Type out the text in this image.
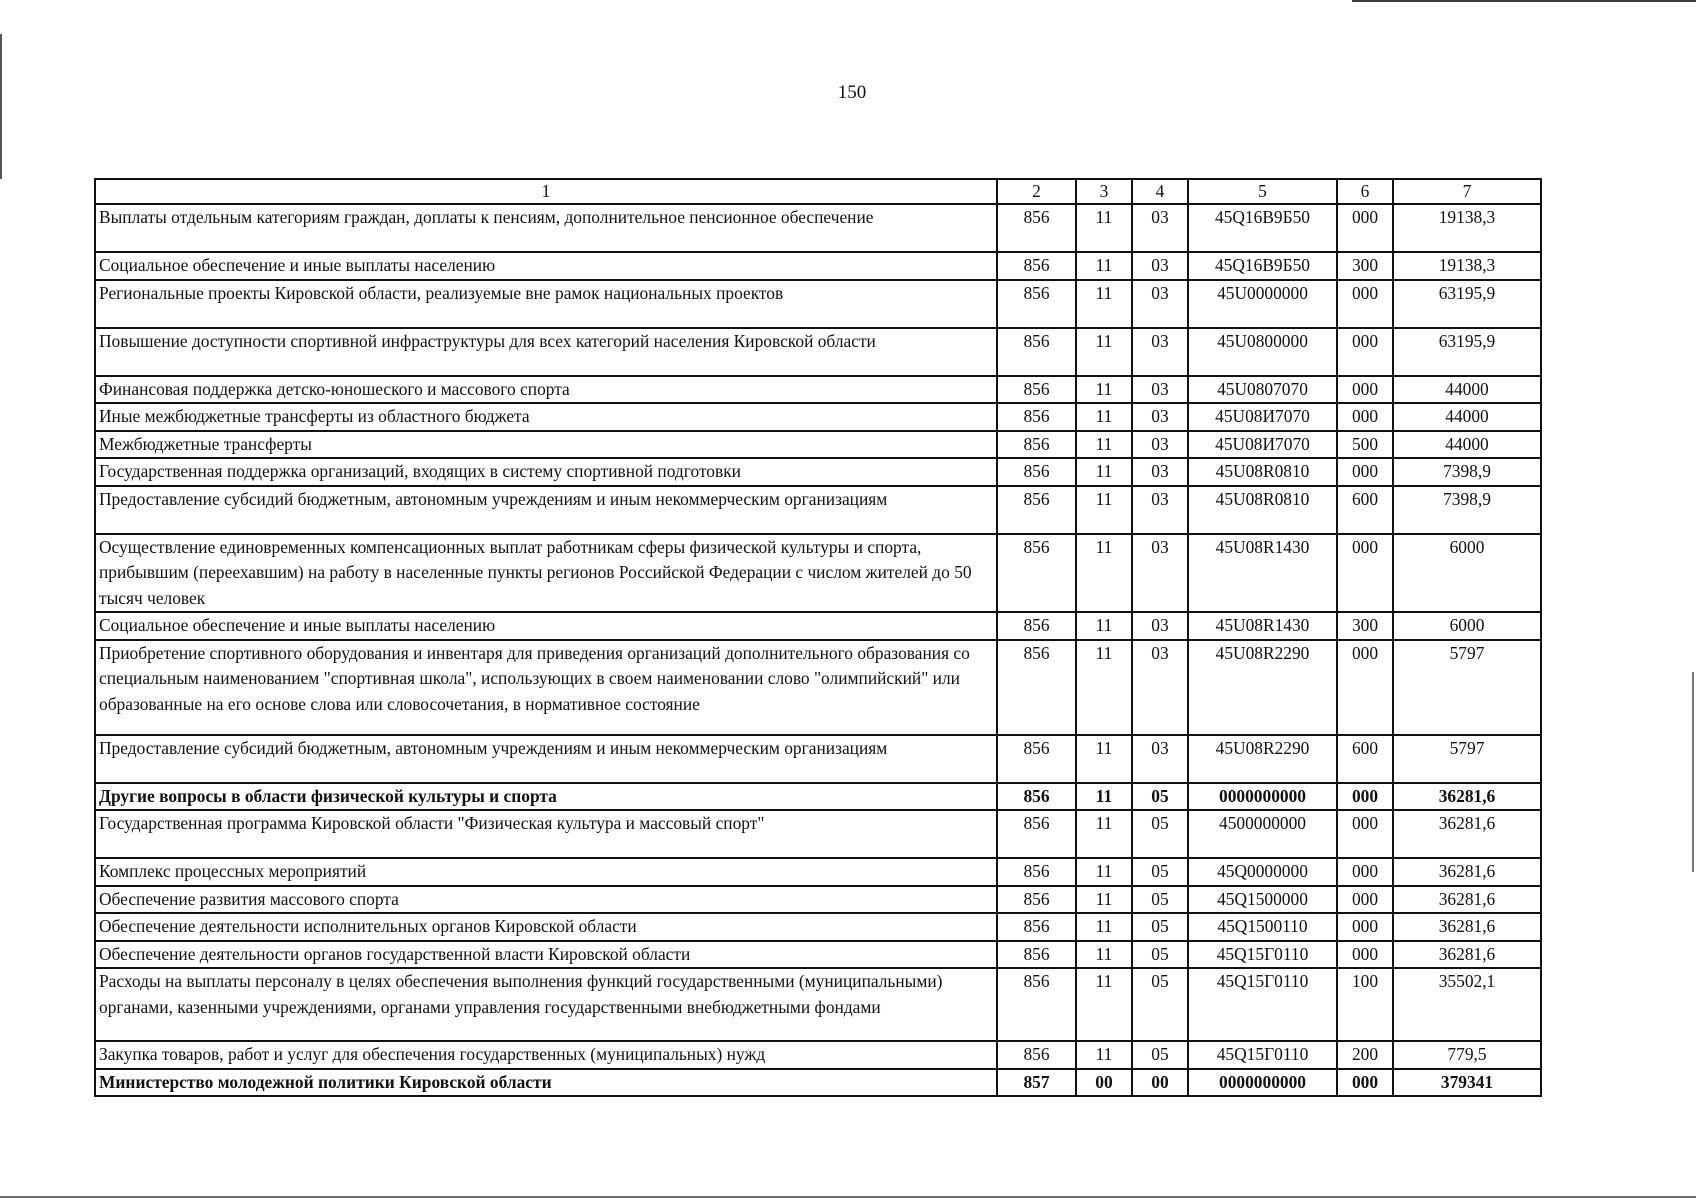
150
1	2	3	4	5	6	7
Выплаты отдельным категориям граждан, доплаты к пенсиям, дополнительное пенсионное обеспечение	856	11	03	45Q16В9Б50	000	19138,3
Социальное обеспечение и иные выплаты населению	856	11	03	45Q16В9Б50	300	19138,3
Региональные проекты Кировской области, реализуемые вне рамок национальных проектов	856	11	03	45U0000000	000	63195,9
Повышение доступности спортивной инфраструктуры для всех категорий населения Кировской области	856	11	03	45U0800000	000	63195,9
Финансовая поддержка детско-юношеского и массового спорта	856	11	03	45U0807070	000	44000
Иные межбюджетные трансферты из областного бюджета	856	11	03	45U08И7070	000	44000
Межбюджетные трансферты	856	11	03	45U08И7070	500	44000
Государственная поддержка организаций, входящих в систему спортивной подготовки	856	11	03	45U08R0810	000	7398,9
Предоставление субсидий бюджетным, автономным учреждениям и иным некоммерческим организациям	856	11	03	45U08R0810	600	7398,9
Осуществление единовременных компенсационных выплат работникам сферы физической культуры и спорта, прибывшим (переехавшим) на работу в населенные пункты регионов Российской Федерации с числом жителей до 50 тысяч человек	856	11	03	45U08R1430	000	6000
Социальное обеспечение и иные выплаты населению	856	11	03	45U08R1430	300	6000
Приобретение спортивного оборудования и инвентаря для приведения организаций дополнительного образования со специальным наименованием "спортивная школа", использующих в своем наименовании слово "олимпийский" или образованные на его основе слова или словосочетания, в нормативное состояние	856	11	03	45U08R2290	000	5797
Предоставление субсидий бюджетным, автономным учреждениям и иным некоммерческим организациям	856	11	03	45U08R2290	600	5797
Другие вопросы в области физической культуры и спорта	856	11	05	0000000000	000	36281,6
Государственная программа Кировской области "Физическая культура и массовый спорт"	856	11	05	4500000000	000	36281,6
Комплекс процессных мероприятий	856	11	05	45Q0000000	000	36281,6
Обеспечение развития массового спорта	856	11	05	45Q1500000	000	36281,6
Обеспечение деятельности исполнительных органов Кировской области	856	11	05	45Q1500110	000	36281,6
Обеспечение деятельности органов государственной власти Кировской области	856	11	05	45Q15Г0110	000	36281,6
Расходы на выплаты персоналу в целях обеспечения выполнения функций государственными (муниципальными) органами, казенными учреждениями, органами управления государственными внебюджетными фондами	856	11	05	45Q15Г0110	100	35502,1
Закупка товаров, работ и услуг для обеспечения государственных (муниципальных) нужд	856	11	05	45Q15Г0110	200	779,5
Министерство молодежной политики Кировской области	857	00	00	0000000000	000	379341
